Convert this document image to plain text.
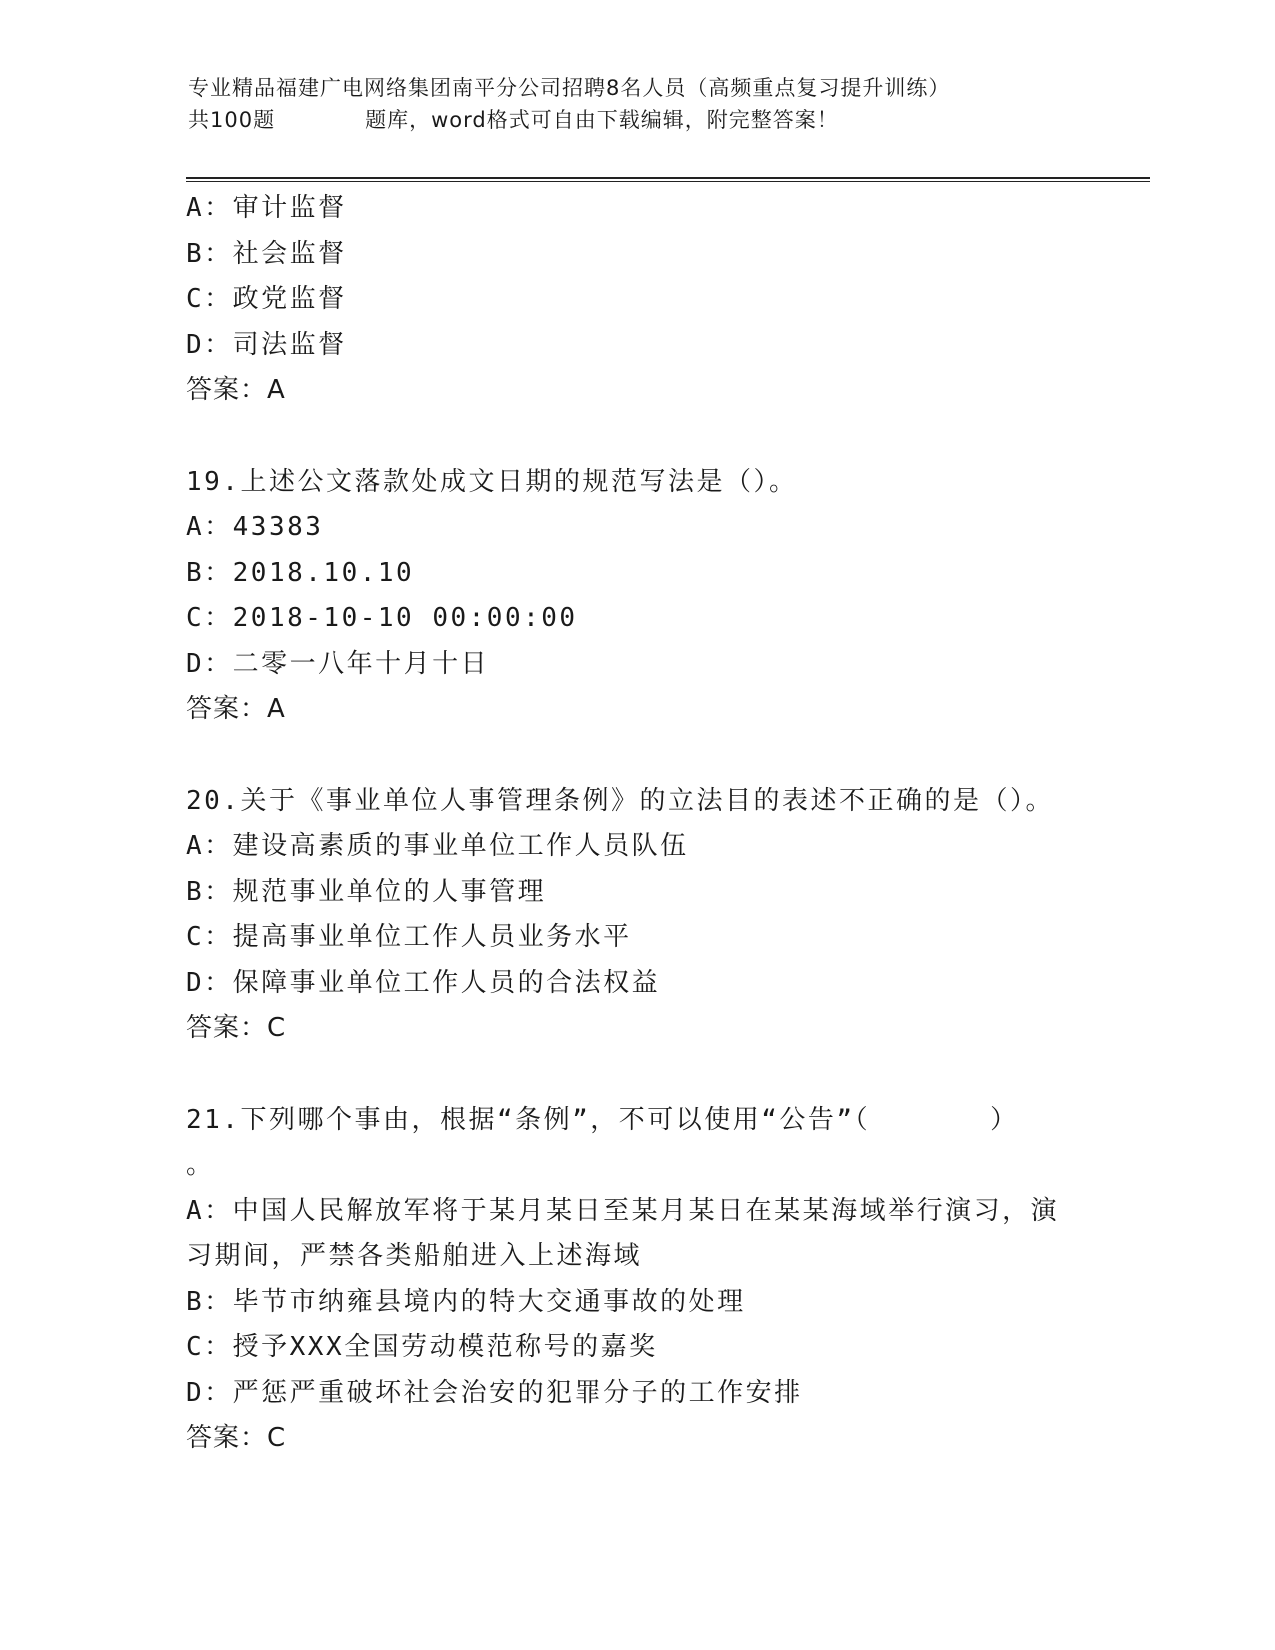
专业精品福建广电网络集团南平分公司招聘8名人员（高频重点复习提升训练）
共100题	题库，word格式可自由下载编辑，附完整答案！
A：审计监督
B：社会监督
C：政党监督
D：司法监督
答案：A
19.上述公文落款处成文日期的规范写法是（）。
A：43383
B：2018.10.10
C：2018-10-10 00:00:00
D：二零一八年十月十日
答案：A
20.关于《事业单位人事管理条例》的立法目的表述不正确的是（）。
A：建设高素质的事业单位工作人员队伍
B：规范事业单位的人事管理
C：提高事业单位工作人员业务水平
D：保障事业单位工作人员的合法权益
答案：C
21.下列哪个事由，根据“条例”，不可以使用“公告”（	）
。
A：中国人民解放军将于某月某日至某月某日在某某海域举行演习，演
习期间，严禁各类船舶进入上述海域
B：毕节市纳雍县境内的特大交通事故的处理
C：授予XXX全国劳动模范称号的嘉奖
D：严惩严重破坏社会治安的犯罪分子的工作安排
答案：C
